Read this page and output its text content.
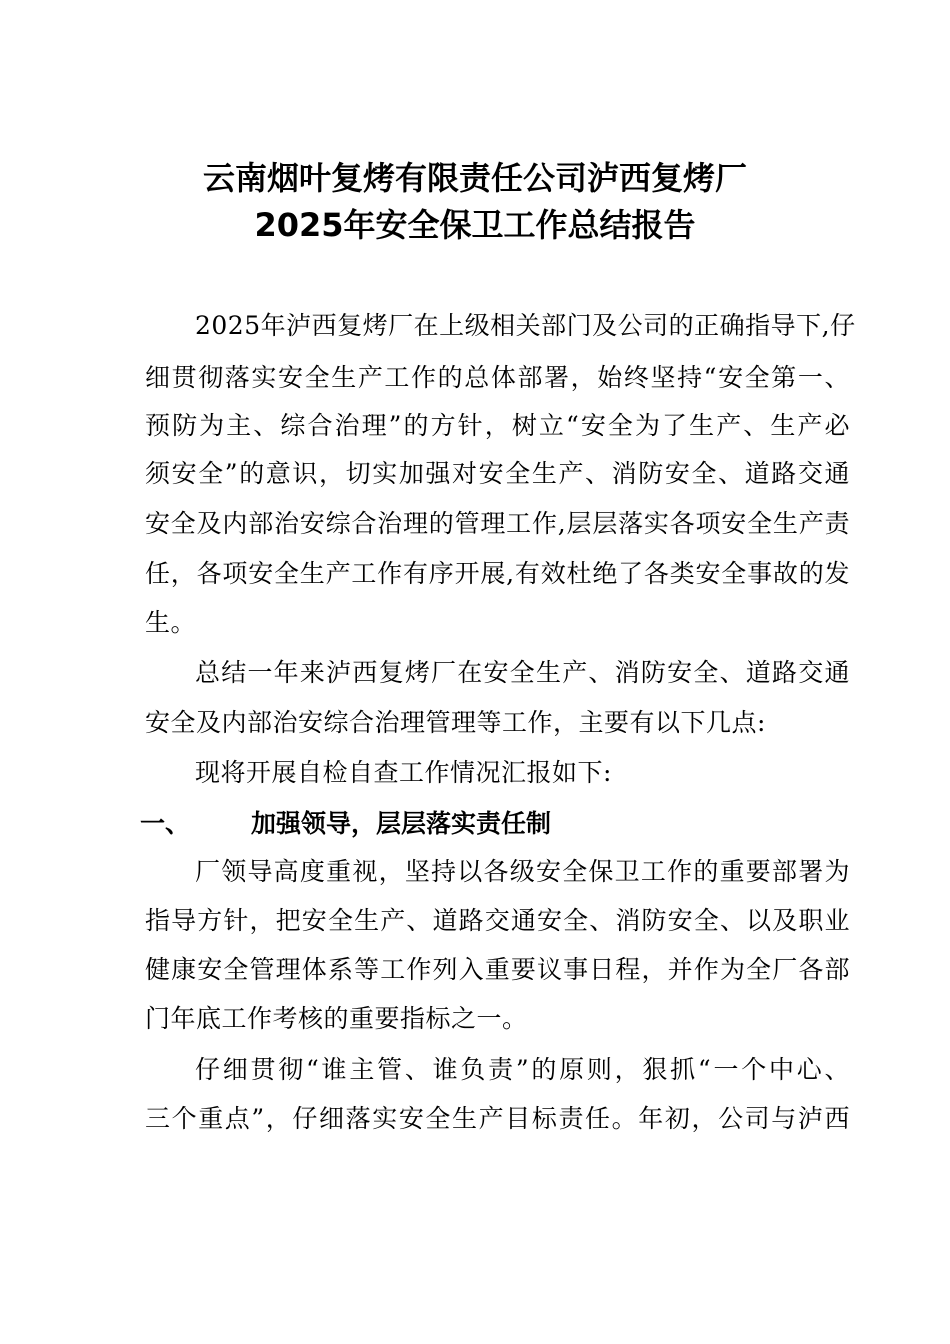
云南烟叶复烤有限责任公司泸西复烤厂
2025年安全保卫工作总结报告
2025年泸西复烤厂在上级相关部门及公司的正确指导下,仔
细贯彻落实安全生产工作的总体部署，始终坚持“安全第一、
预防为主、综合治理”的方针，树立“安全为了生产、生产必
须安全”的意识，切实加强对安全生产、消防安全、道路交通
安全及内部治安综合治理的管理工作,层层落实各项安全生产责
任，各项安全生产工作有序开展,有效杜绝了各类安全事故的发
生。
总结一年来泸西复烤厂在安全生产、消防安全、道路交通
安全及内部治安综合治理管理等工作，主要有以下几点:
现将开展自检自查工作情况汇报如下:
一、 加强领导，层层落实责任制
厂领导高度重视，坚持以各级安全保卫工作的重要部署为
指导方针，把安全生产、道路交通安全、消防安全、以及职业
健康安全管理体系等工作列入重要议事日程，并作为全厂各部
门年底工作考核的重要指标之一。
仔细贯彻“谁主管、谁负责”的原则，狠抓“一个中心、
三个重点”，仔细落实安全生产目标责任。年初，公司与泸西
